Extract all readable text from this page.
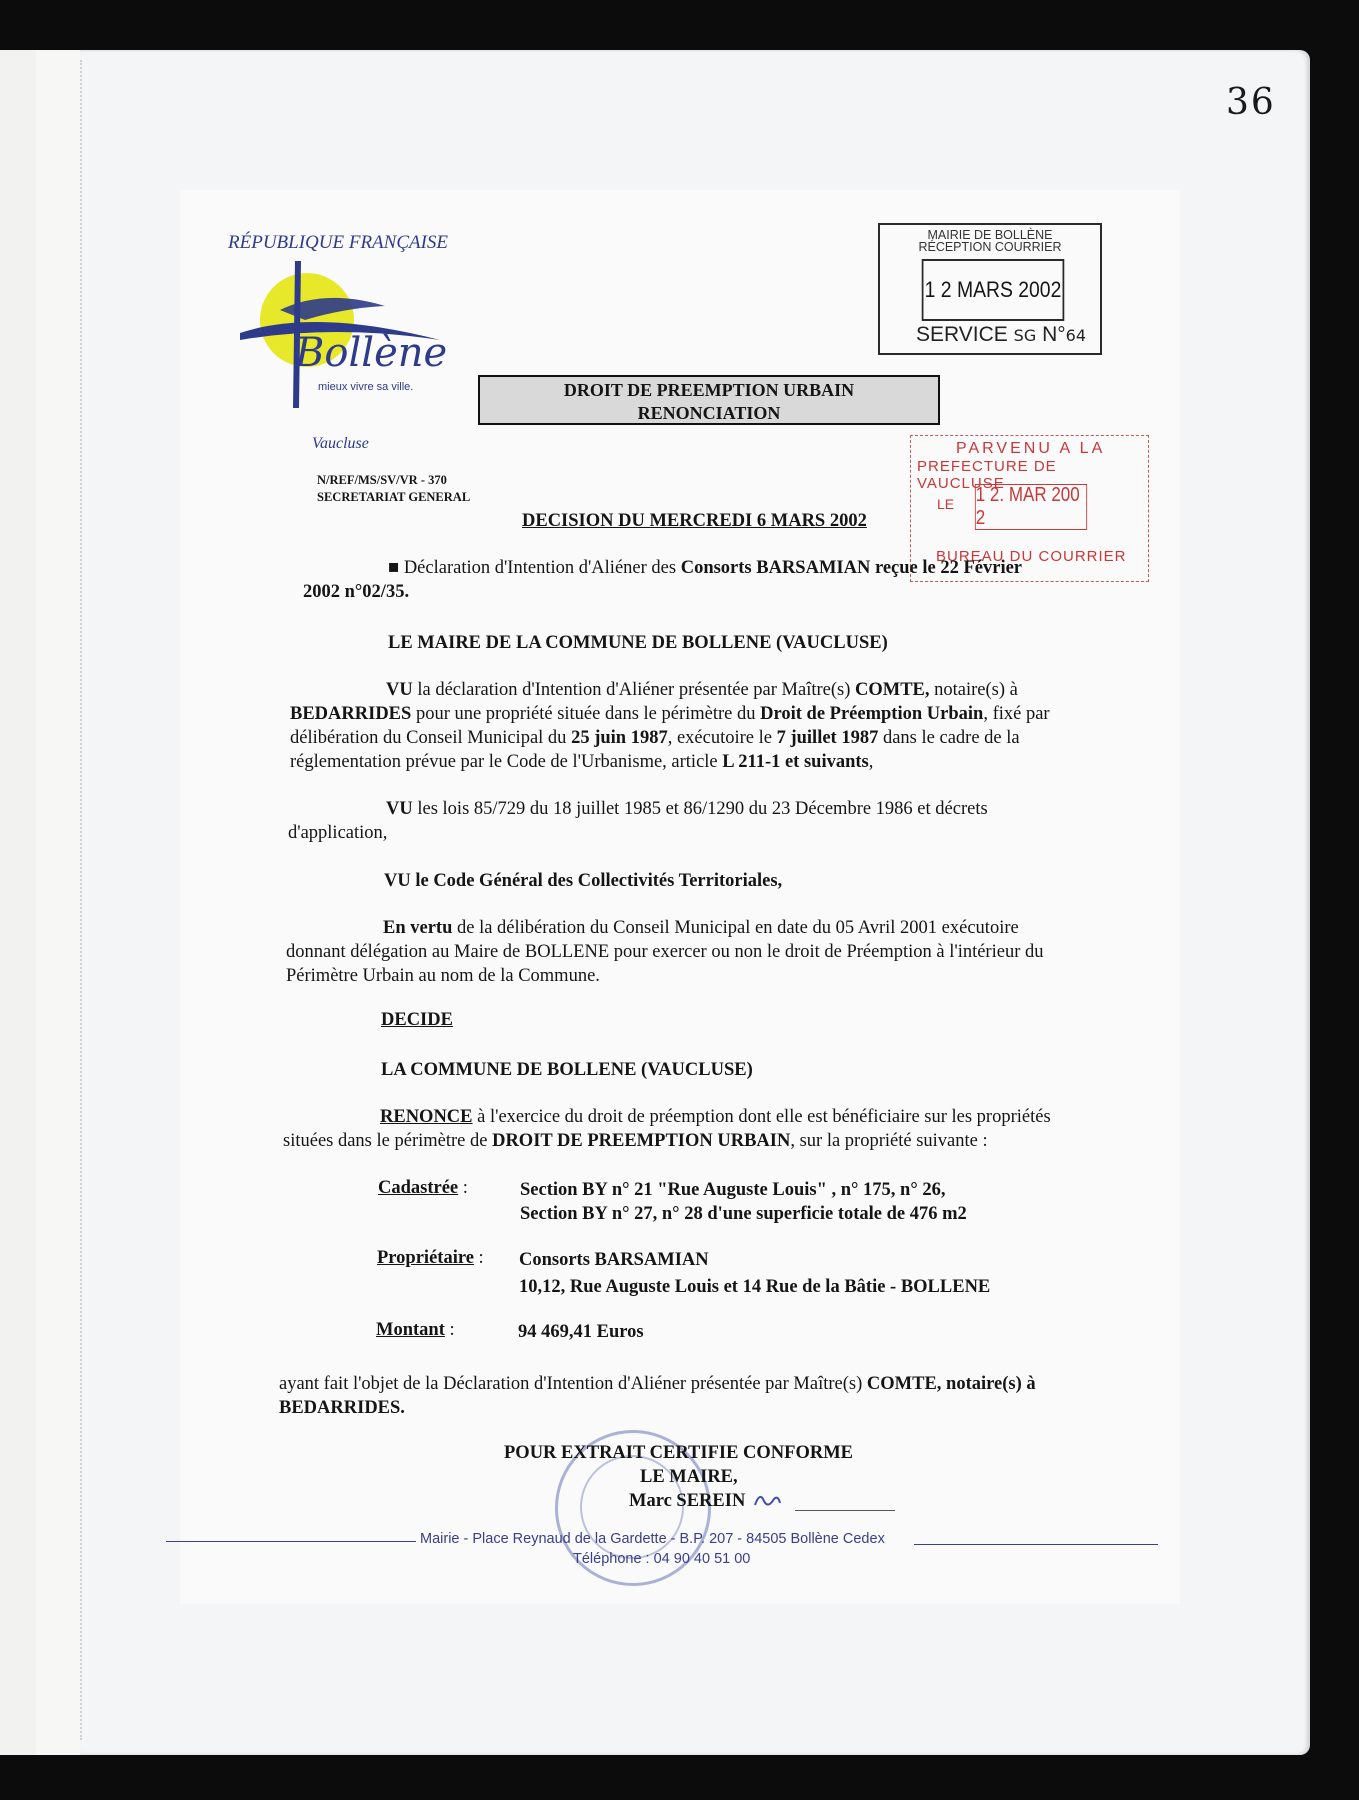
36
RÉPUBLIQUE FRANÇAISE
Bollène
mieux vivre sa ville.
Vaucluse
N/REF/MS/SV/VR - 370
SECRETARIAT GENERAL
MAIRIE DE BOLLÈNE
RÉCEPTION COURRIER
1 2 MARS 2002
SERVICE SG N°64
DROIT DE PREEMPTION URBAIN
RENONCIATION
PARVENU A LA
PREFECTURE DE VAUCLUSE
LE 1 2. MAR 200 2
BUREAU DU COURRIER
DECISION DU MERCREDI 6 MARS 2002
■ Déclaration d'Intention d'Aliéner des Consorts BARSAMIAN reçue le 22 Février
2002 n°02/35.
LE MAIRE DE LA COMMUNE DE BOLLENE (VAUCLUSE)
VU la déclaration d'Intention d'Aliéner présentée par Maître(s) COMTE, notaire(s) à
BEDARRIDES pour une propriété située dans le périmètre du Droit de Préemption Urbain, fixé par
délibération du Conseil Municipal du 25 juin 1987, exécutoire le 7 juillet 1987 dans le cadre de la
réglementation prévue par le Code de l'Urbanisme, article L 211-1 et suivants,
VU les lois 85/729 du 18 juillet 1985 et 86/1290 du 23 Décembre 1986 et décrets
d'application,
VU le Code Général des Collectivités Territoriales,
En vertu de la délibération du Conseil Municipal en date du 05 Avril 2001 exécutoire
donnant délégation au Maire de BOLLENE pour exercer ou non le droit de Préemption à l'intérieur du
Périmètre Urbain au nom de la Commune.
DECIDE
LA COMMUNE DE BOLLENE (VAUCLUSE)
RENONCE à l'exercice du droit de préemption dont elle est bénéficiaire sur les propriétés
situées dans le périmètre de DROIT DE PREEMPTION URBAIN, sur la propriété suivante :
Cadastrée :	Section BY n° 21 "Rue Auguste Louis" , n° 175, n° 26,
Section BY n° 27, n° 28 d'une superficie totale de 476 m2
Propriétaire : Consorts BARSAMIAN
10,12, Rue Auguste Louis et 14 Rue de la Bâtie - BOLLENE
Montant :	94 469,41 Euros
ayant fait l'objet de la Déclaration d'Intention d'Aliéner présentée par Maître(s) COMTE, notaire(s) à
BEDARRIDES.
POUR EXTRAIT CERTIFIE CONFORME
LE MAIRE,
Marc SEREIN
Mairie - Place Reynaud de la Gardette - B.P. 207 - 84505 Bollène Cedex
Téléphone : 04 90 40 51 00
